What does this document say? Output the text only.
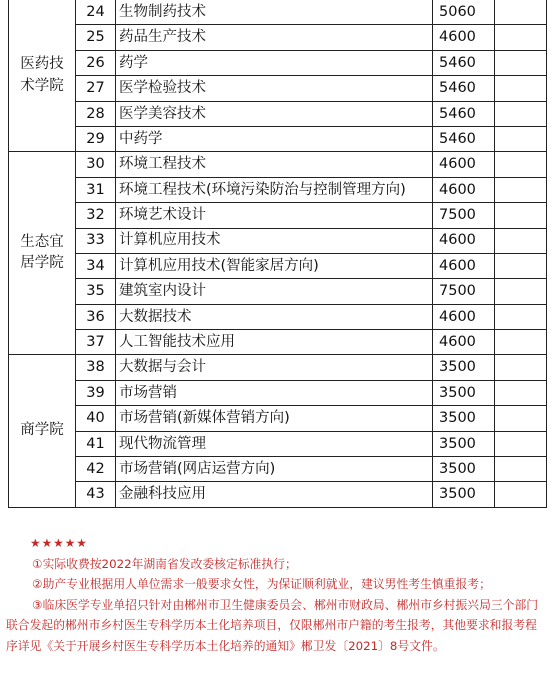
医药技术学院	24	生物制药技术	5060	
	25	药品生产技术	4600	
	26	药学	5460	
	27	医学检验技术	5460	
	28	医学美容技术	5460	
	29	中药学	5460	
生态宜居学院	30	环境工程技术	4600	
	31	环境工程技术(环境污染防治与控制管理方向)	4600	
	32	环境艺术设计	7500	
	33	计算机应用技术	4600	
	34	计算机应用技术(智能家居方向)	4600	
	35	建筑室内设计	7500	
	36	大数据技术	4600	
	37	人工智能技术应用	4600	
商学院	38	大数据与会计	3500	
	39	市场营销	3500	
	40	市场营销(新媒体营销方向)	3500	
	41	现代物流管理	3500	
	42	市场营销(网店运营方向)	3500	
	43	金融科技应用	3500	

★★★★★

①实际收费按2022年湖南省发改委核定标准执行；

②助产专业根据用人单位需求一般要求女性，为保证顺利就业，建议男性考生慎重报考；

③临床医学专业单招只针对由郴州市卫生健康委员会、郴州市财政局、郴州市乡村振兴局三个部门联合发起的郴州市乡村医生专科学历本土化培养项目，仅限郴州市户籍的考生报考，其他要求和报考程序详见《关于开展乡村医生专科学历本土化培养的通知》郴卫发〔2021〕8号文件。
